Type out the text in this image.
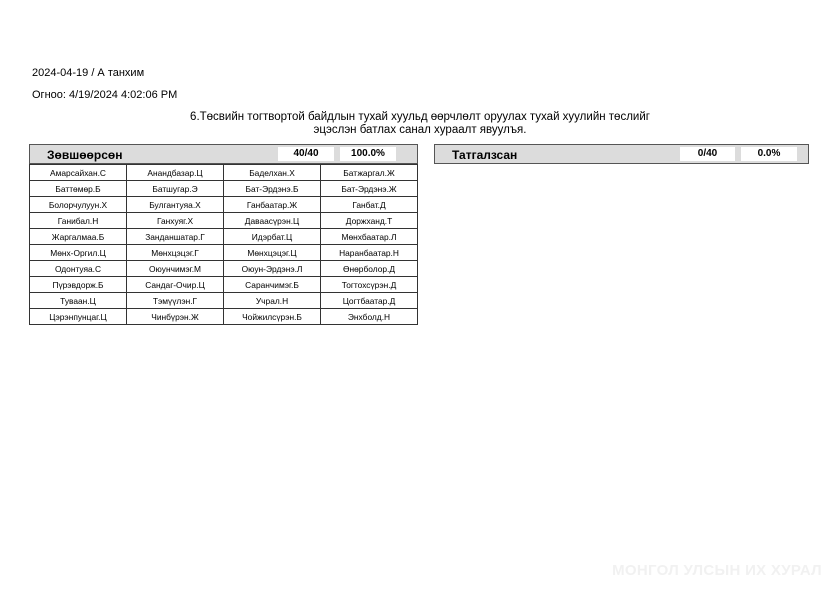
2024-04-19 / А танхим
Огноо: 4/19/2024 4:02:06 PM
6.Төсвийн тогтвортой байдлын тухай хуульд өөрчлөлт оруулах тухай хуулийн төслийг эцэслэн батлах санал хураалт явуулъя.
Зөвшөөрсөн	40/40	100.0%
Амарсайхан.С	Анандбазар.Ц	Баделхан.Х	Батжаргал.Ж
Баттөмөр.Б	Батшугар.Э	Бат-Эрдэнэ.Б	Бат-Эрдэнэ.Ж
Болорчулуун.Х	Булгантуяа.Х	Ганбаатар.Ж	Ганбат.Д
Ганибал.Н	Ганхуяг.Х	Даваасүрэн.Ц	Доржханд.Т
Жаргалмаа.Б	Занданшатар.Г	Идэрбат.Ц	Мөнхбаатар.Л
Мөнх-Оргил.Ц	Мөнхцэцэг.Г	Мөнхцэцэг.Ц	Наранбаатар.Н
Одонтуяа.С	Оюунчимэг.М	Оюун-Эрдэнэ.Л	Өнөрболор.Д
Пүрэвдорж.Б	Сандаг-Очир.Ц	Саранчимэг.Б	Тогтохсүрэн.Д
Туваан.Ц	Тэмүүлэн.Г	Учрал.Н	Цогтбаатар.Д
Цэрэнпунцаг.Ц	Чинбүрэн.Ж	Чойжилсүрэн.Б	Энхболд.Н
Татгалзсан	0/40	0.0%
МОНГОЛ УЛСЫН ИХ ХУРАЛ
